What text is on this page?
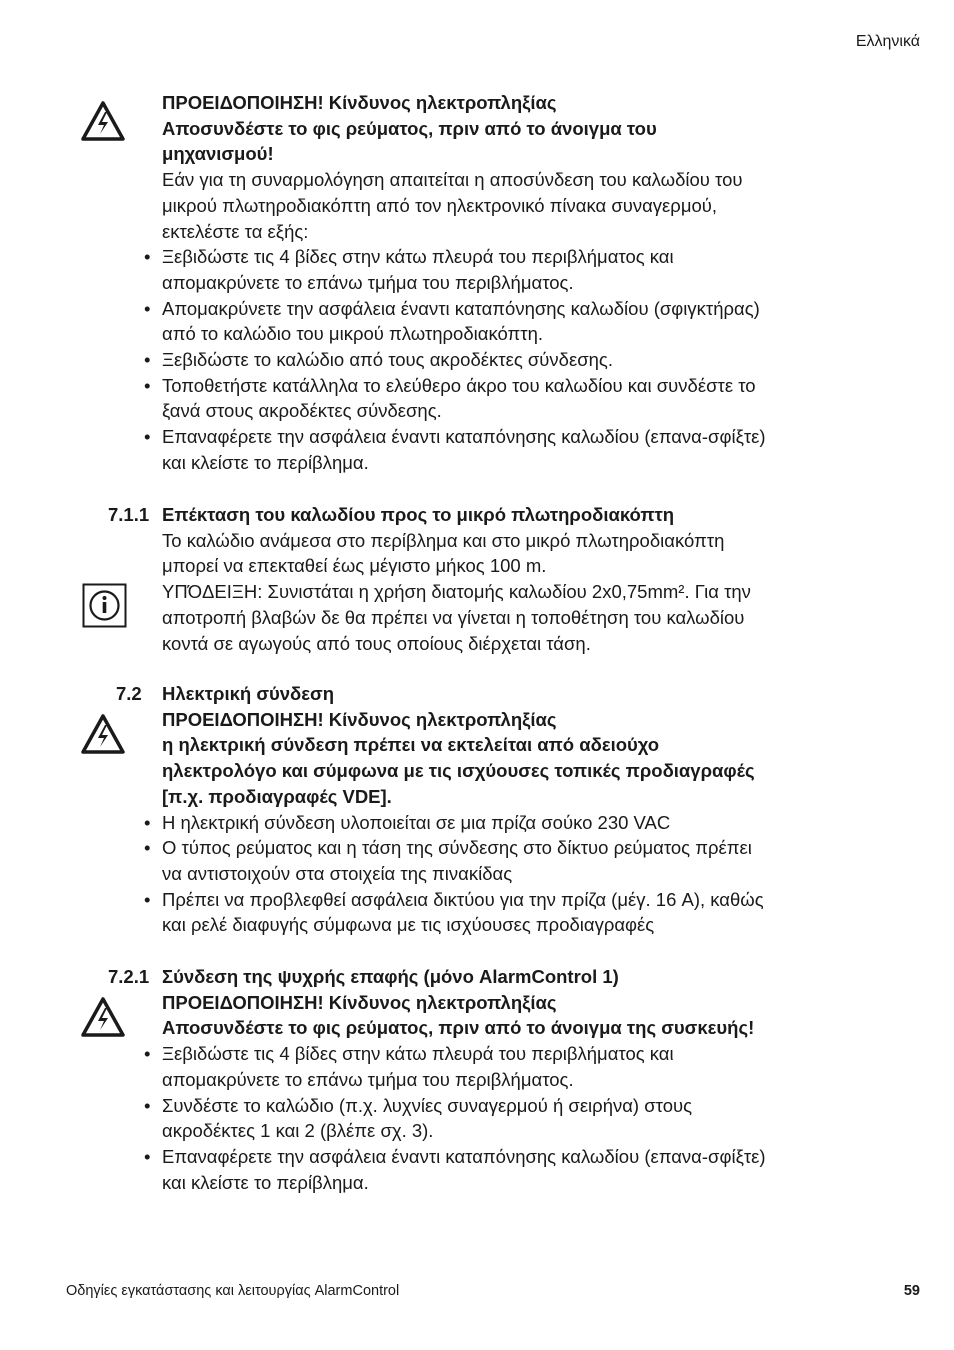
Ελληνικά
ΠΡΟΕΙΔΟΠΟΙΗΣΗ! Κίνδυνος ηλεκτροπληξίας
Αποσυνδέστε το φις ρεύματος, πριν από το άνοιγμα του
μηχανισμού!
Εάν για τη συναρμολόγηση απαιτείται η αποσύνδεση του καλωδίου του
μικρού πλωτηροδιακόπτη από τον ηλεκτρονικό πίνακα συναγερμού,
εκτελέστε τα εξής:
• Ξεβιδώστε τις 4 βίδες στην κάτω πλευρά του περιβλήματος και
απομακρύνετε το επάνω τμήμα του περιβλήματος.
• Απομακρύνετε την ασφάλεια έναντι καταπόνησης καλωδίου (σφιγκτήρας)
από το καλώδιο του μικρού πλωτηροδιακόπτη.
• Ξεβιδώστε το καλώδιο από τους ακροδέκτες σύνδεσης.
• Τοποθετήστε κατάλληλα το ελεύθερο άκρο του καλωδίου και συνδέστε το
ξανά στους ακροδέκτες σύνδεσης.
• Επαναφέρετε την ασφάλεια έναντι καταπόνησης καλωδίου (επανα-σφίξτε)
και κλείστε το περίβλημα.
7.1.1 Επέκταση του καλωδίου προς το μικρό πλωτηροδιακόπτη
Το καλώδιο ανάμεσα στο περίβλημα και στο μικρό πλωτηροδιακόπτη
μπορεί να επεκταθεί έως μέγιστο μήκος 100 m.
ΥΠΌΔΕΙΞΗ: Συνιστάται η χρήση διατομής καλωδίου 2x0,75mm². Για την
αποτροπή βλαβών δε θα πρέπει να γίνεται η τοποθέτηση του καλωδίου
κοντά σε αγωγούς από τους οποίους διέρχεται τάση.
7.2 Ηλεκτρική σύνδεση
ΠΡΟΕΙΔΟΠΟΙΗΣΗ! Κίνδυνος ηλεκτροπληξίας
η ηλεκτρική σύνδεση πρέπει να εκτελείται από αδειούχο
ηλεκτρολόγο και σύμφωνα με τις ισχύουσες τοπικές προδιαγραφές
[π.χ. προδιαγραφές VDE].
• Η ηλεκτρική σύνδεση υλοποιείται σε μια πρίζα σούκο 230 VAC
• Ο τύπος ρεύματος και η τάση της σύνδεσης στο δίκτυο ρεύματος πρέπει
να αντιστοιχούν στα στοιχεία της πινακίδας
• Πρέπει να προβλεφθεί ασφάλεια δικτύου για την πρίζα (μέγ. 16 A), καθώς
και ρελέ διαφυγής σύμφωνα με τις ισχύουσες προδιαγραφές
7.2.1 Σύνδεση της ψυχρής επαφής (μόνο AlarmControl 1)
ΠΡΟΕΙΔΟΠΟΙΗΣΗ! Κίνδυνος ηλεκτροπληξίας
Αποσυνδέστε το φις ρεύματος, πριν από το άνοιγμα της συσκευής!
• Ξεβιδώστε τις 4 βίδες στην κάτω πλευρά του περιβλήματος και
απομακρύνετε το επάνω τμήμα του περιβλήματος.
• Συνδέστε το καλώδιο (π.χ. λυχνίες συναγερμού ή σειρήνα) στους
ακροδέκτες 1 και 2 (βλέπε σχ. 3).
• Επαναφέρετε την ασφάλεια έναντι καταπόνησης καλωδίου (επανα-σφίξτε)
και κλείστε το περίβλημα.
Οδηγίες εγκατάστασης και λειτουργίας AlarmControl	59
